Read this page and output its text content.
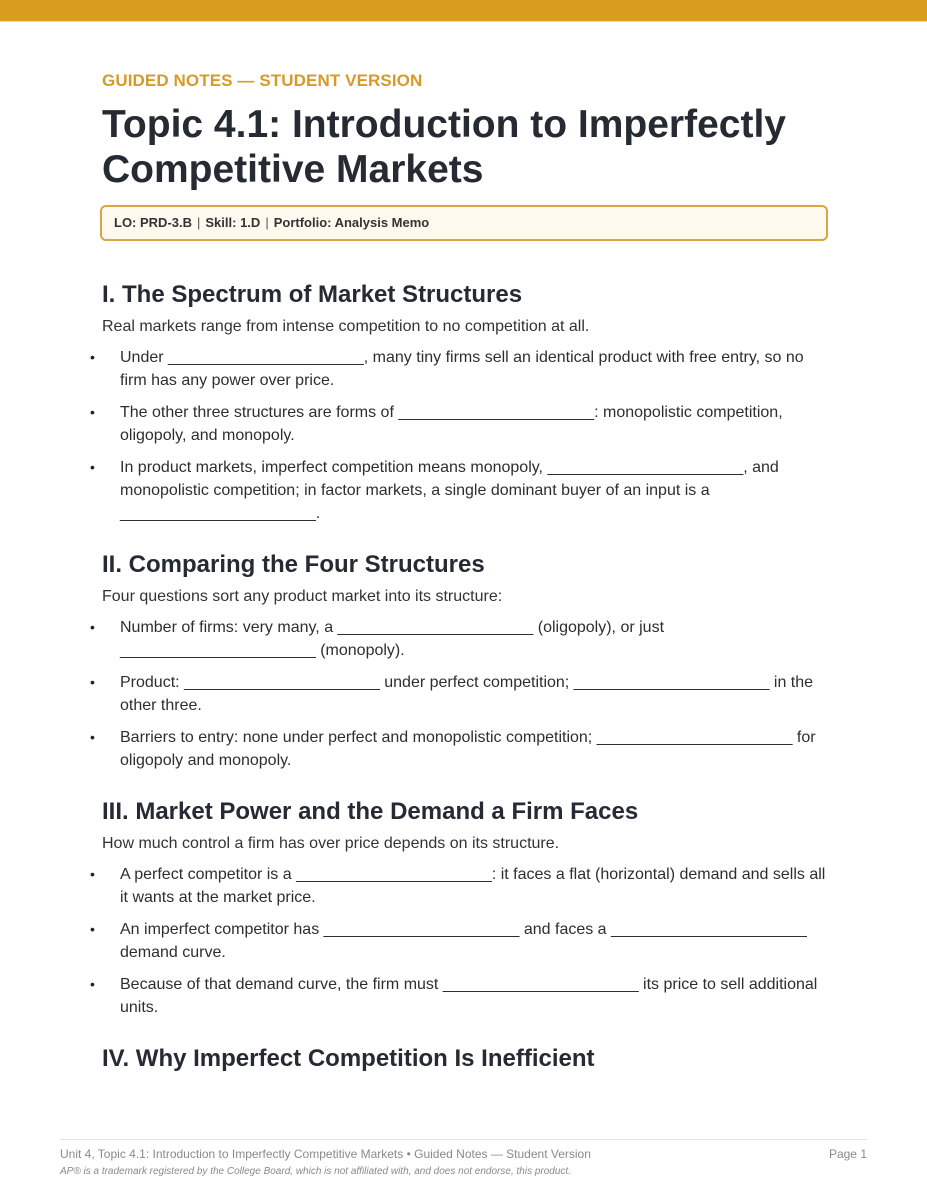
GUIDED NOTES — STUDENT VERSION

Topic 4.1: Introduction to Imperfectly Competitive Markets
LO: PRD-3.B | Skill: 1.D | Portfolio: Analysis Memo
I. The Spectrum of Market Structures

Real markets range from intense competition to no competition at all.

• Under ______________________, many tiny firms sell an identical product with free entry, so no firm has any power over price.
• The other three structures are forms of ______________________: monopolistic competition, oligopoly, and monopoly.
• In product markets, imperfect competition means monopoly, ______________________, and monopolistic competition; in factor markets, a single dominant buyer of an input is a ______________________.
II. Comparing the Four Structures

Four questions sort any product market into its structure:

• Number of firms: very many, a ______________________ (oligopoly), or just ______________________ (monopoly).
• Product: ______________________ under perfect competition; ______________________ in the other three.
• Barriers to entry: none under perfect and monopolistic competition; ______________________ for oligopoly and monopoly.
III. Market Power and the Demand a Firm Faces

How much control a firm has over price depends on its structure.

• A perfect competitor is a ______________________: it faces a flat (horizontal) demand and sells all it wants at the market price.
• An imperfect competitor has ______________________ and faces a ______________________ demand curve.
• Because of that demand curve, the firm must ______________________ its price to sell additional units.
IV. Why Imperfect Competition Is Inefficient
Unit 4, Topic 4.1: Introduction to Imperfectly Competitive Markets • Guided Notes — Student Version	Page 1
AP® is a trademark registered by the College Board, which is not affiliated with, and does not endorse, this product.
